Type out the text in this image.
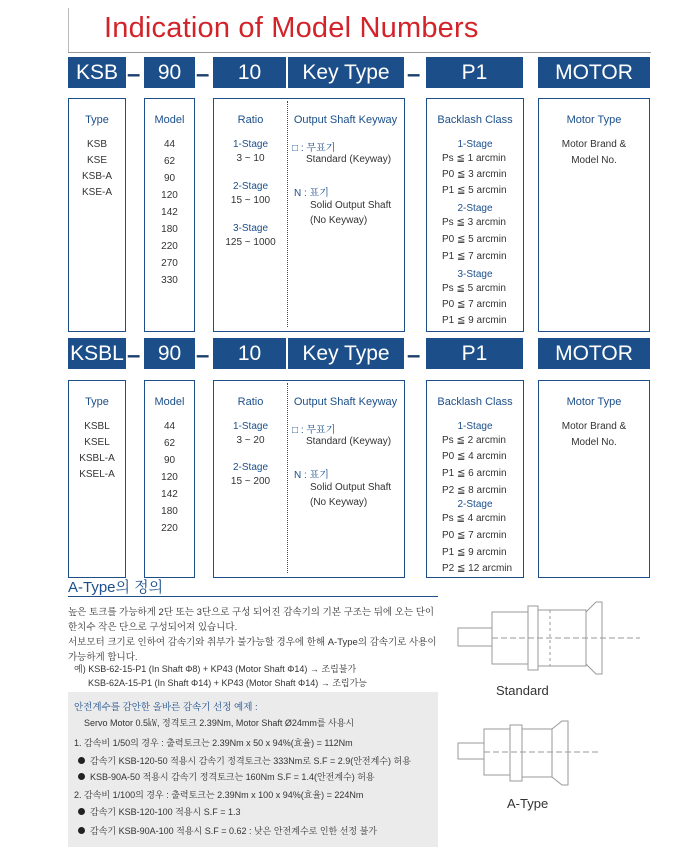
Indication of Model Numbers
KSB – 90 –	10	Key Type –	P1	MOTOR
Type
KSB
KSE
KSB-A
KSE-A
Model
44
62
90
120
142
180
220
270
330
Ratio
1-Stage
3 ~ 10
2-Stage
15 ~ 100
3-Stage
125 ~ 1000
Output Shaft Keyway
□ : 무표기
Standard (Keyway)
N : 표기
Solid Output Shaft
(No Keyway)
Backlash Class
1-Stage
Ps ≦ 1 arcmin
P0 ≦ 3 arcmin
P1 ≦ 5 arcmin
2-Stage
Ps ≦ 3 arcmin
P0 ≦ 5 arcmin
P1 ≦ 7 arcmin
3-Stage
Ps ≦ 5 arcmin
P0 ≦ 7 arcmin
P1 ≦ 9 arcmin
Motor Type
Motor Brand &
Model No.
KSBL – 90 –	10	Key Type –	P1	MOTOR
Type
KSBL
KSEL
KSBL-A
KSEL-A
Model
44
62
90
120
142
180
220
Ratio
1-Stage
3 ~ 20
2-Stage
15 ~ 200
Output Shaft Keyway
□ : 무표기
Standard (Keyway)
N : 표기
Solid Output Shaft
(No Keyway)
Backlash Class
1-Stage
Ps ≦ 2 arcmin
P0 ≦ 4 arcmin
P1 ≦ 6 arcmin
P2 ≦ 8 arcmin
2-Stage
Ps ≦ 4 arcmin
P0 ≦ 7 arcmin
P1 ≦ 9 arcmin
P2 ≦ 12 arcmin
Motor Type
Motor Brand &
Model No.
A-Type의 정의
높은 토크를 가능하게 2단 또는 3단으로 구성 되어진 감속기의 기본 구조는 뒤에 오는 단이
한치수 작은 단으로 구성되어져 있습니다.
서보모터 크기로 인하여 감속기와 취부가 불가능할 경우에 한해 A-Type의 감속기로 사용이
가능하게 합니다.
예) KSB-62-15-P1 (In Shaft Φ8) + KP43 (Motor Shaft Φ14) → 조립불가
KSB-62A-15-P1 (In Shaft Φ14) + KP43 (Motor Shaft Φ14) → 조립가능
안전계수를 감안한 올바른 감속기 선정 예제 :
Servo Motor 0.5㎾, 정격토크 2.39Nm, Motor Shaft Ø24mm를 사용시
1. 감속비 1/50의 경우 : 출력토크는 2.39Nm x 50 x 94%(효율) = 112Nm
감속기 KSB-120-50 적용시 감속기 정격토크는 333Nm로 S.F = 2.9(안전계수) 허용
KSB-90A-50 적용시 감속기 정격토크는 160Nm S.F = 1.4(안전계수) 허용
2. 감속비 1/100의 경우 : 출력토크는 2.39Nm x 100 x 94%(효율) = 224Nm
감속기 KSB-120-100 적용시 S.F = 1.3
감속기 KSB-90A-100 적용시 S.F = 0.62 : 낮은 안전계수로 인한 선정 불가
Standard
A-Type
